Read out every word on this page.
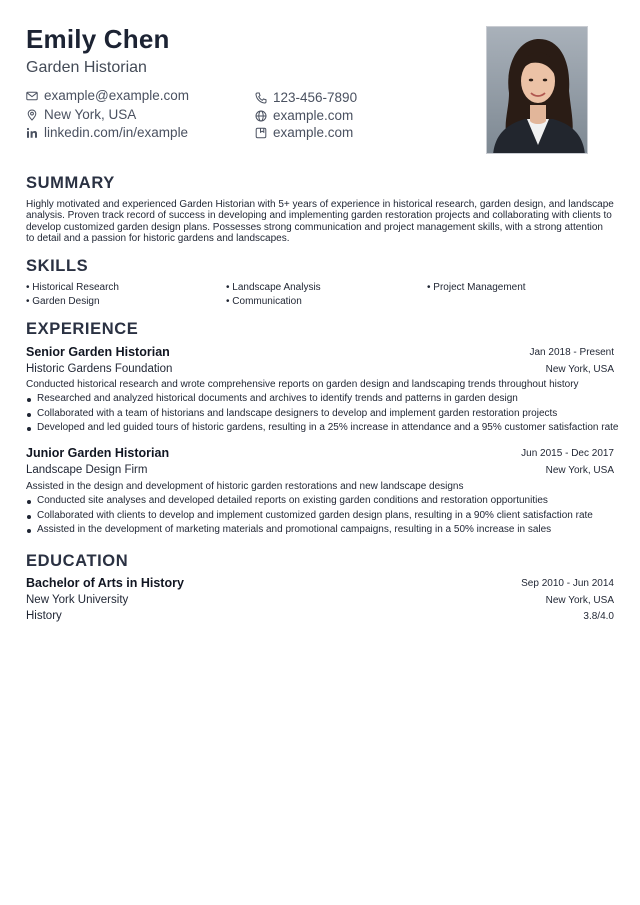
Emily Chen
Garden Historian
example@example.com	123-456-7890
New York, USA	example.com
linkedin.com/in/example	example.com
SUMMARY
Highly motivated and experienced Garden Historian with 5+ years of experience in historical research, garden design, and landscape analysis. Proven track record of success in developing and implementing garden restoration projects and collaborating with clients to develop customized garden design plans. Possesses strong communication and project management skills, with a strong attention to detail and a passion for historic gardens and landscapes.
SKILLS
• Historical Research	• Landscape Analysis	• Project Management
• Garden Design	• Communication
EXPERIENCE
Senior Garden Historian	Jan 2018 - Present
Historic Gardens Foundation	New York, USA
Conducted historical research and wrote comprehensive reports on garden design and landscaping trends throughout history
Researched and analyzed historical documents and archives to identify trends and patterns in garden design
Collaborated with a team of historians and landscape designers to develop and implement garden restoration projects
Developed and led guided tours of historic gardens, resulting in a 25% increase in attendance and a 95% customer satisfaction rate
Junior Garden Historian	Jun 2015 - Dec 2017
Landscape Design Firm	New York, USA
Assisted in the design and development of historic garden restorations and new landscape designs
Conducted site analyses and developed detailed reports on existing garden conditions and restoration opportunities
Collaborated with clients to develop and implement customized garden design plans, resulting in a 90% client satisfaction rate
Assisted in the development of marketing materials and promotional campaigns, resulting in a 50% increase in sales
EDUCATION
Bachelor of Arts in History	Sep 2010 - Jun 2014
New York University	New York, USA
History	3.8/4.0
